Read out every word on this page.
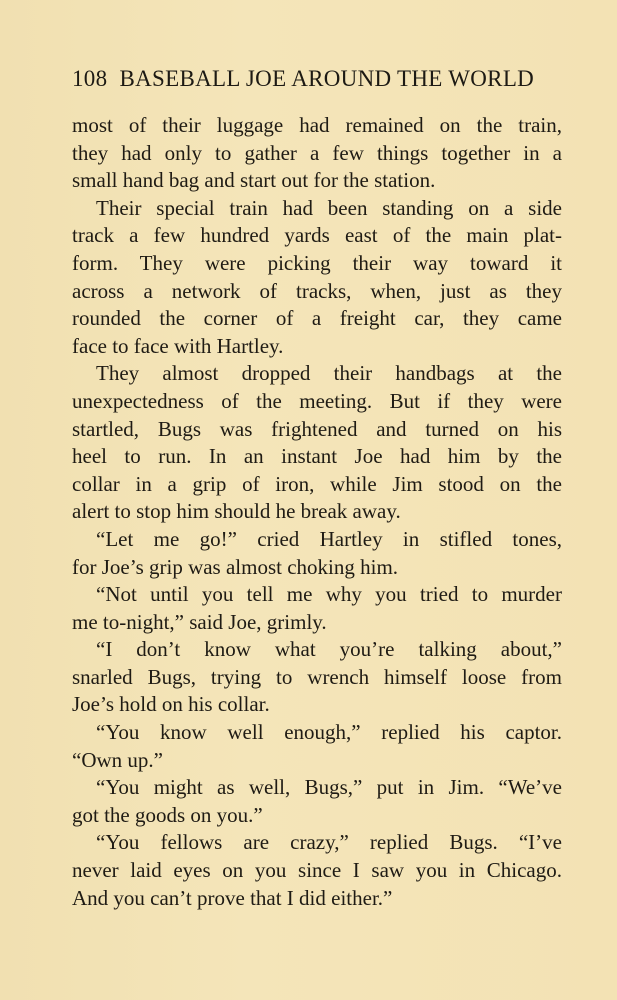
108 BASEBALL JOE AROUND THE WORLD

most of their luggage had remained on the train,
they had only to gather a few things together in a
small hand bag and start out for the station.

Their special train had been standing on a side
track a few hundred yards east of the main plat-
form. They were picking their way toward it
across a network of tracks, when, just as they
rounded the corner of a freight car, they came
face to face with Hartley.

They almost dropped their handbags at the
unexpectedness of the meeting. But if they were
startled, Bugs was frightened and turned on his
heel to run. In an instant Joe had him by the
collar in a grip of iron, while Jim stood on the
alert to stop him should he break away.

“Let me go!” cried Hartley in stifled tones,
for Joe’s grip was almost choking him.

“Not until you tell me why you tried to murder
me to-night,” said Joe, grimly.

“I don’t know what you’re talking about,”
snarled Bugs, trying to wrench himself loose from
Joe’s hold on his collar.

“You know well enough,” replied his captor.
“Own up.”

“You might as well, Bugs,” put in Jim. “We’ve
got the goods on you.”

“You fellows are crazy,” replied Bugs. “I’ve
never laid eyes on you since I saw you in Chicago.
And you can’t prove that I did either.”
